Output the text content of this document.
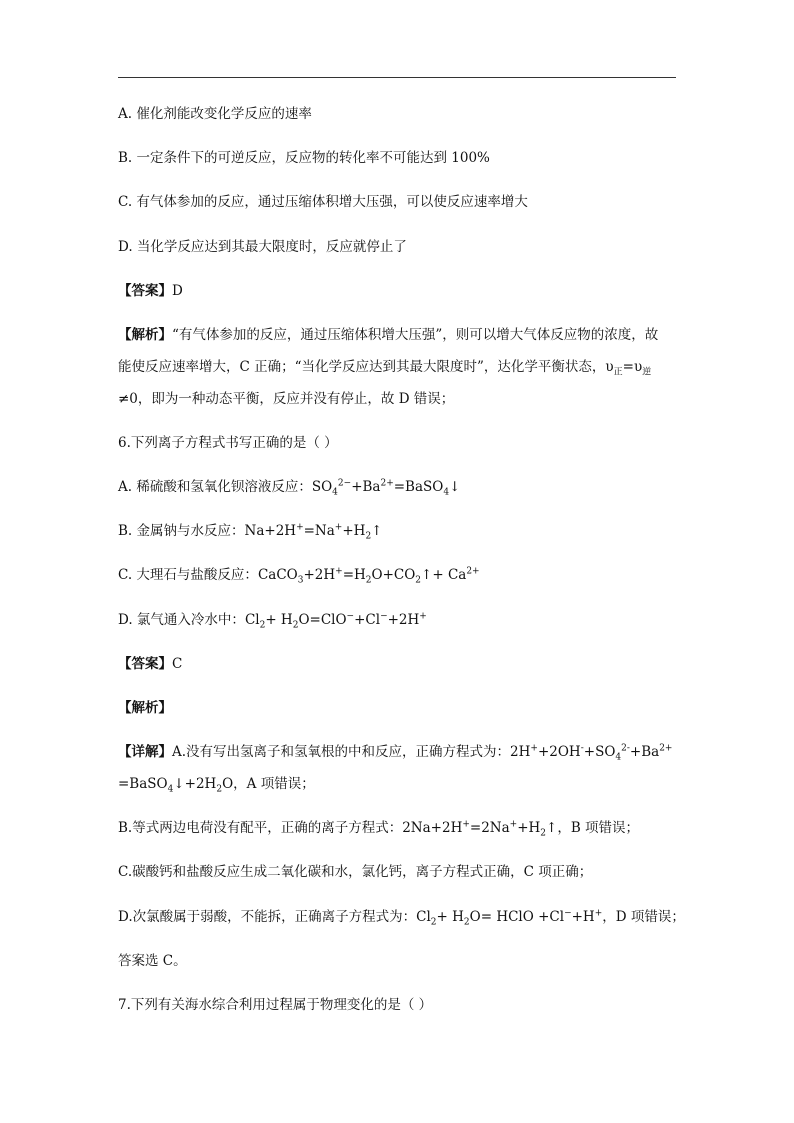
A. 催化剂能改变化学反应的速率
B. 一定条件下的可逆反应，反应物的转化率不可能达到 100%
C. 有气体参加的反应，通过压缩体积增大压强，可以使反应速率增大
D. 当化学反应达到其最大限度时，反应就停止了
【答案】D
【解析】“有气体参加的反应，通过压缩体积增大压强”，则可以增大气体反应物的浓度，故
能使反应速率增大，C 正确；“当化学反应达到其最大限度时”，达化学平衡状态，$\upsilon_正=\upsilon_逆$
≠0，即为一种动态平衡，反应并没有停止，故 D 错误；
6.下列离子方程式书写正确的是（ ）
A. 稀硫酸和氢氧化钡溶液反应：$SO_4^{2-}+Ba^{2+}=BaSO_4↓$
B. 金属钠与水反应：$Na+2H^+=Na^++H_2↑$
C. 大理石与盐酸反应：$CaCO_3+2H^+=H_2O+CO_2↑+ Ca^{2+}$
D. 氯气通入冷水中：$Cl_2+ H_2O=ClO^-+Cl^-+2H^+$
【答案】C
【解析】
【详解】A.没有写出氢离子和氢氧根的中和反应，正确方程式为：$2H^++2OH^-+SO_4^{2-}+Ba^{2+}$
$=BaSO_4↓+2H_2O$，A 项错误；
B.等式两边电荷没有配平，正确的离子方程式：$2Na+2H^+=2Na^++H_2↑$，B 项错误；
C.碳酸钙和盐酸反应生成二氧化碳和水，氯化钙，离子方程式正确，C 项正确；
D.次氯酸属于弱酸，不能拆，正确离子方程式为：$Cl_2+ H_2O=$ HClO +Cl−+H+，D 项错误；
答案选 C。
7.下列有关海水综合利用过程属于物理变化的是（ ）
